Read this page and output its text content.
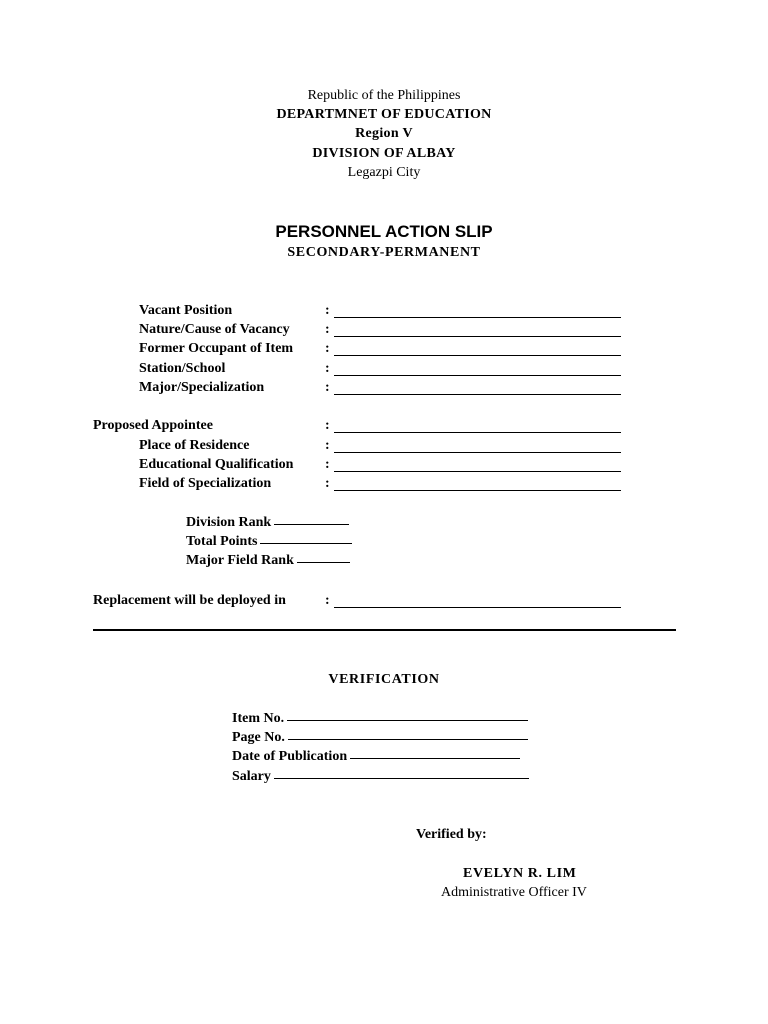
Republic of the Philippines
DEPARTMNET OF EDUCATION
Region V
DIVISION OF ALBAY
Legazpi City
PERSONNEL ACTION SLIP
SECONDARY-PERMANENT
Vacant Position	:
Nature/Cause of Vacancy	:
Former Occupant of Item :
Station/School	:
Major/Specialization	:
Proposed Appointee	:
Place of Residence	:
Educational Qualification :
Field of Specialization	:
Division Rank
Total Points
Major Field Rank
Replacement will be deployed in	:
VERIFICATION
Item No.
Page No.
Date of Publication
Salary
Verified by:
EVELYN R. LIM
Administrative Officer IV
